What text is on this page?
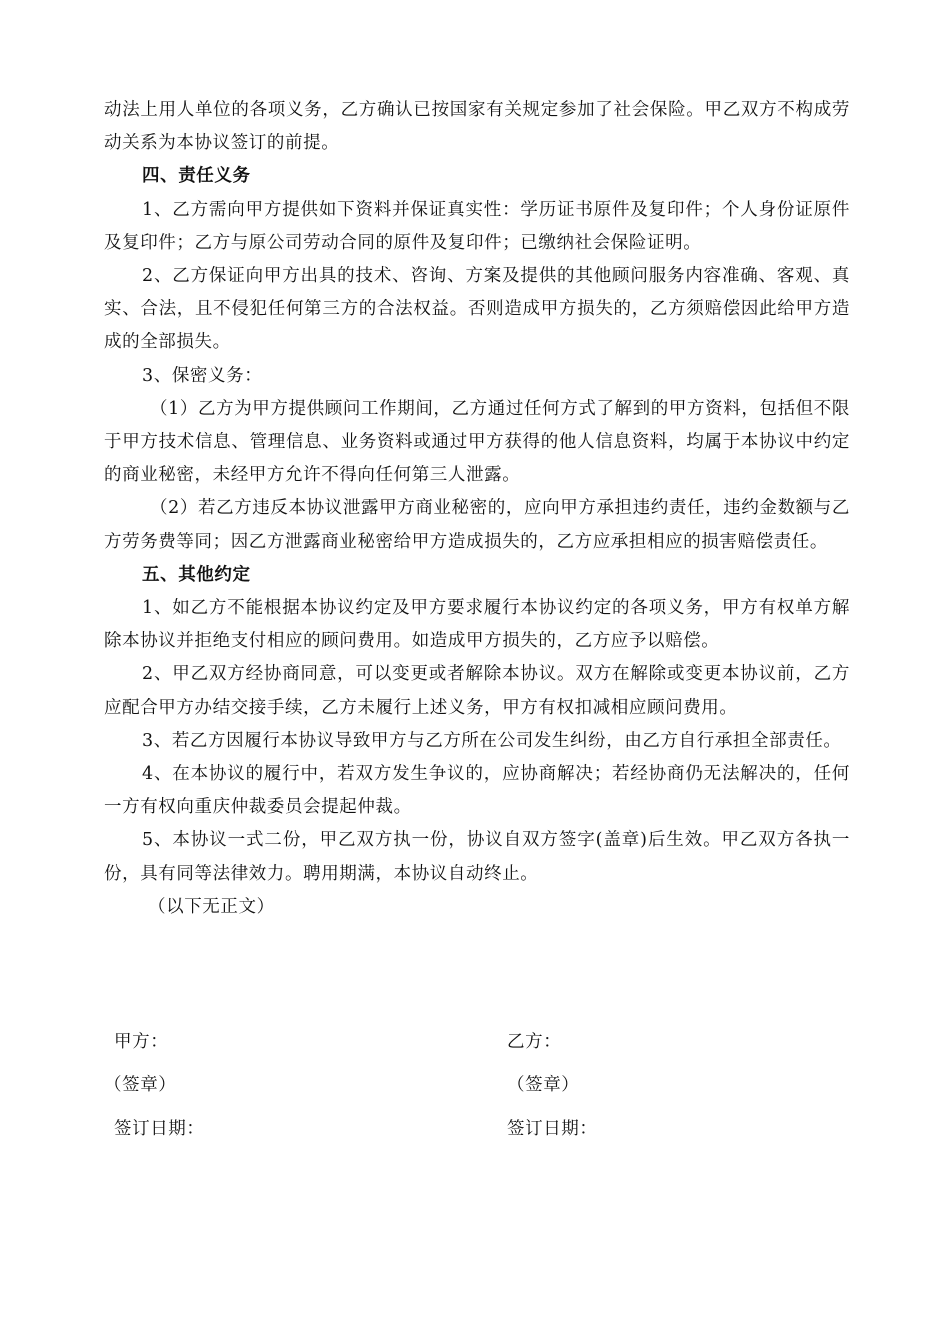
动法上用人单位的各项义务，乙方确认已按国家有关规定参加了社会保险。甲乙双方不构成劳动关系为本协议签订的前提。

四、责任义务

1、乙方需向甲方提供如下资料并保证真实性：学历证书原件及复印件；个人身份证原件及复印件；乙方与原公司劳动合同的原件及复印件；已缴纳社会保险证明。

2、乙方保证向甲方出具的技术、咨询、方案及提供的其他顾问服务内容准确、客观、真实、合法，且不侵犯任何第三方的合法权益。否则造成甲方损失的，乙方须赔偿因此给甲方造成的全部损失。

3、保密义务：

（1）乙方为甲方提供顾问工作期间，乙方通过任何方式了解到的甲方资料，包括但不限于甲方技术信息、管理信息、业务资料或通过甲方获得的他人信息资料，均属于本协议中约定的商业秘密，未经甲方允许不得向任何第三人泄露。

（2）若乙方违反本协议泄露甲方商业秘密的，应向甲方承担违约责任，违约金数额与乙方劳务费等同；因乙方泄露商业秘密给甲方造成损失的，乙方应承担相应的损害赔偿责任。

五、其他约定

1、如乙方不能根据本协议约定及甲方要求履行本协议约定的各项义务，甲方有权单方解除本协议并拒绝支付相应的顾问费用。如造成甲方损失的，乙方应予以赔偿。

2、甲乙双方经协商同意，可以变更或者解除本协议。双方在解除或变更本协议前，乙方应配合甲方办结交接手续，乙方未履行上述义务，甲方有权扣减相应顾问费用。

3、若乙方因履行本协议导致甲方与乙方所在公司发生纠纷，由乙方自行承担全部责任。

4、在本协议的履行中，若双方发生争议的，应协商解决；若经协商仍无法解决的，任何一方有权向重庆仲裁委员会提起仲裁。

5、本协议一式二份，甲乙双方执一份，协议自双方签字(盖章)后生效。甲乙双方各执一份，具有同等法律效力。聘用期满，本协议自动终止。

（以下无正文）

甲方：
（签章）
签订日期：
乙方：
（签章）
签订日期：
